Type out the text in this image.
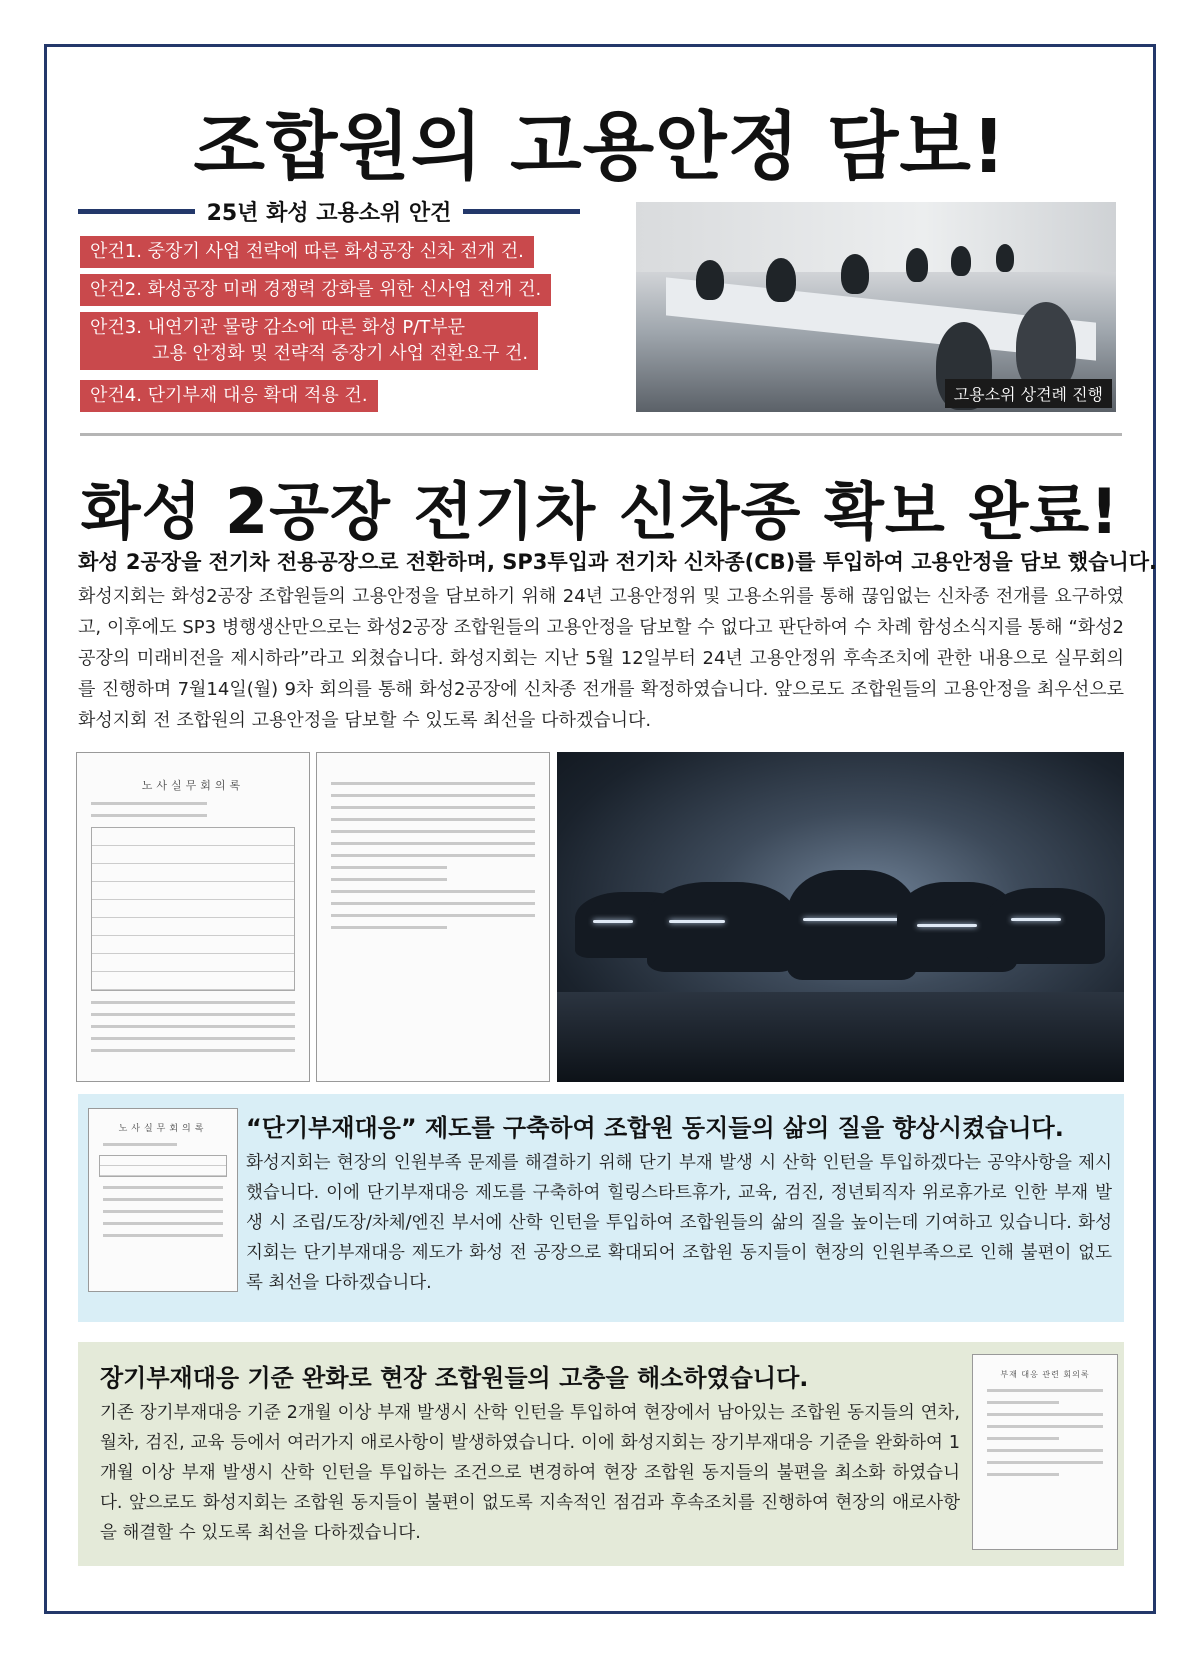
조합원의 고용안정 담보!
25년 화성 고용소위 안건
안건1. 중장기 사업 전략에 따른 화성공장 신차 전개 건.
안건2. 화성공장 미래 경쟁력 강화를 위한 신사업 전개 건.
안건3. 내연기관 물량 감소에 따른 화성 P/T부문
고용 안정화 및 전략적 중장기 사업 전환요구 건.
안건4. 단기부재 대응 확대 적용 건.	고용소위 상견례 진행
화성 2공장 전기차 신차종 확보 완료!
화성 2공장을 전기차 전용공장으로 전환하며, SP3투입과 전기차 신차종(CB)를 투입하여 고용안정을 담보 했습니다.
화성지회는 화성2공장 조합원들의 고용안정을 담보하기 위해 24년 고용안정위 및 고용소위를 통해 끊임없는 신차종 전개를 요구하였고, 이후에도 SP3 병행생산만으로는 화성2공장 조합원들의 고용안정을 담보할 수 없다고 판단하여 수 차례 함성소식지를 통해 “화성2공장의 미래비전을 제시하라”라고 외쳤습니다. 화성지회는 지난 5월 12일부터 24년 고용안정위 후속조치에 관한 내용으로 실무회의를 진행하며 7월14일(월) 9차 회의를 통해 화성2공장에 신차종 전개를 확정하였습니다. 앞으로도 조합원들의 고용안정을 최우선으로 화성지회 전 조합원의 고용안정을 담보할 수 있도록 최선을 다하겠습니다.
노사실무회의록
노사실무회의록	“단기부재대응” 제도를 구축하여 조합원 동지들의 삶의 질을 향상시켰습니다.
화성지회는 현장의 인원부족 문제를 해결하기 위해 단기 부재 발생 시 산학 인턴을 투입하겠다는 공약사항을 제시했습니다. 이에 단기부재대응 제도를 구축하여 힐링스타트휴가, 교육, 검진, 정년퇴직자 위로휴가로 인한 부재 발생 시 조립/도장/차체/엔진 부서에 산학 인턴을 투입하여 조합원들의 삶의 질을 높이는데 기여하고 있습니다. 화성지회는 단기부재대응 제도가 화성 전 공장으로 확대되어 조합원 동지들이 현장의 인원부족으로 인해 불편이 없도록 최선을 다하겠습니다.
장기부재대응 기준 완화로 현장 조합원들의 고충을 해소하였습니다.
기존 장기부재대응 기준 2개월 이상 부재 발생시 산학 인턴을 투입하여 현장에서 남아있는 조합원 동지들의 연차, 월차, 검진, 교육 등에서 여러가지 애로사항이 발생하였습니다. 이에 화성지회는 장기부재대응 기준을 완화하여 1개월 이상 부재 발생시 산학 인턴을 투입하는 조건으로 변경하여 현장 조합원 동지들의 불편을 최소화 하였습니다. 앞으로도 화성지회는 조합원 동지들이 불편이 없도록 지속적인 점검과 후속조치를 진행하여 현장의 애로사항을 해결할 수 있도록 최선을 다하겠습니다.
부재 대응 관련 회의록
